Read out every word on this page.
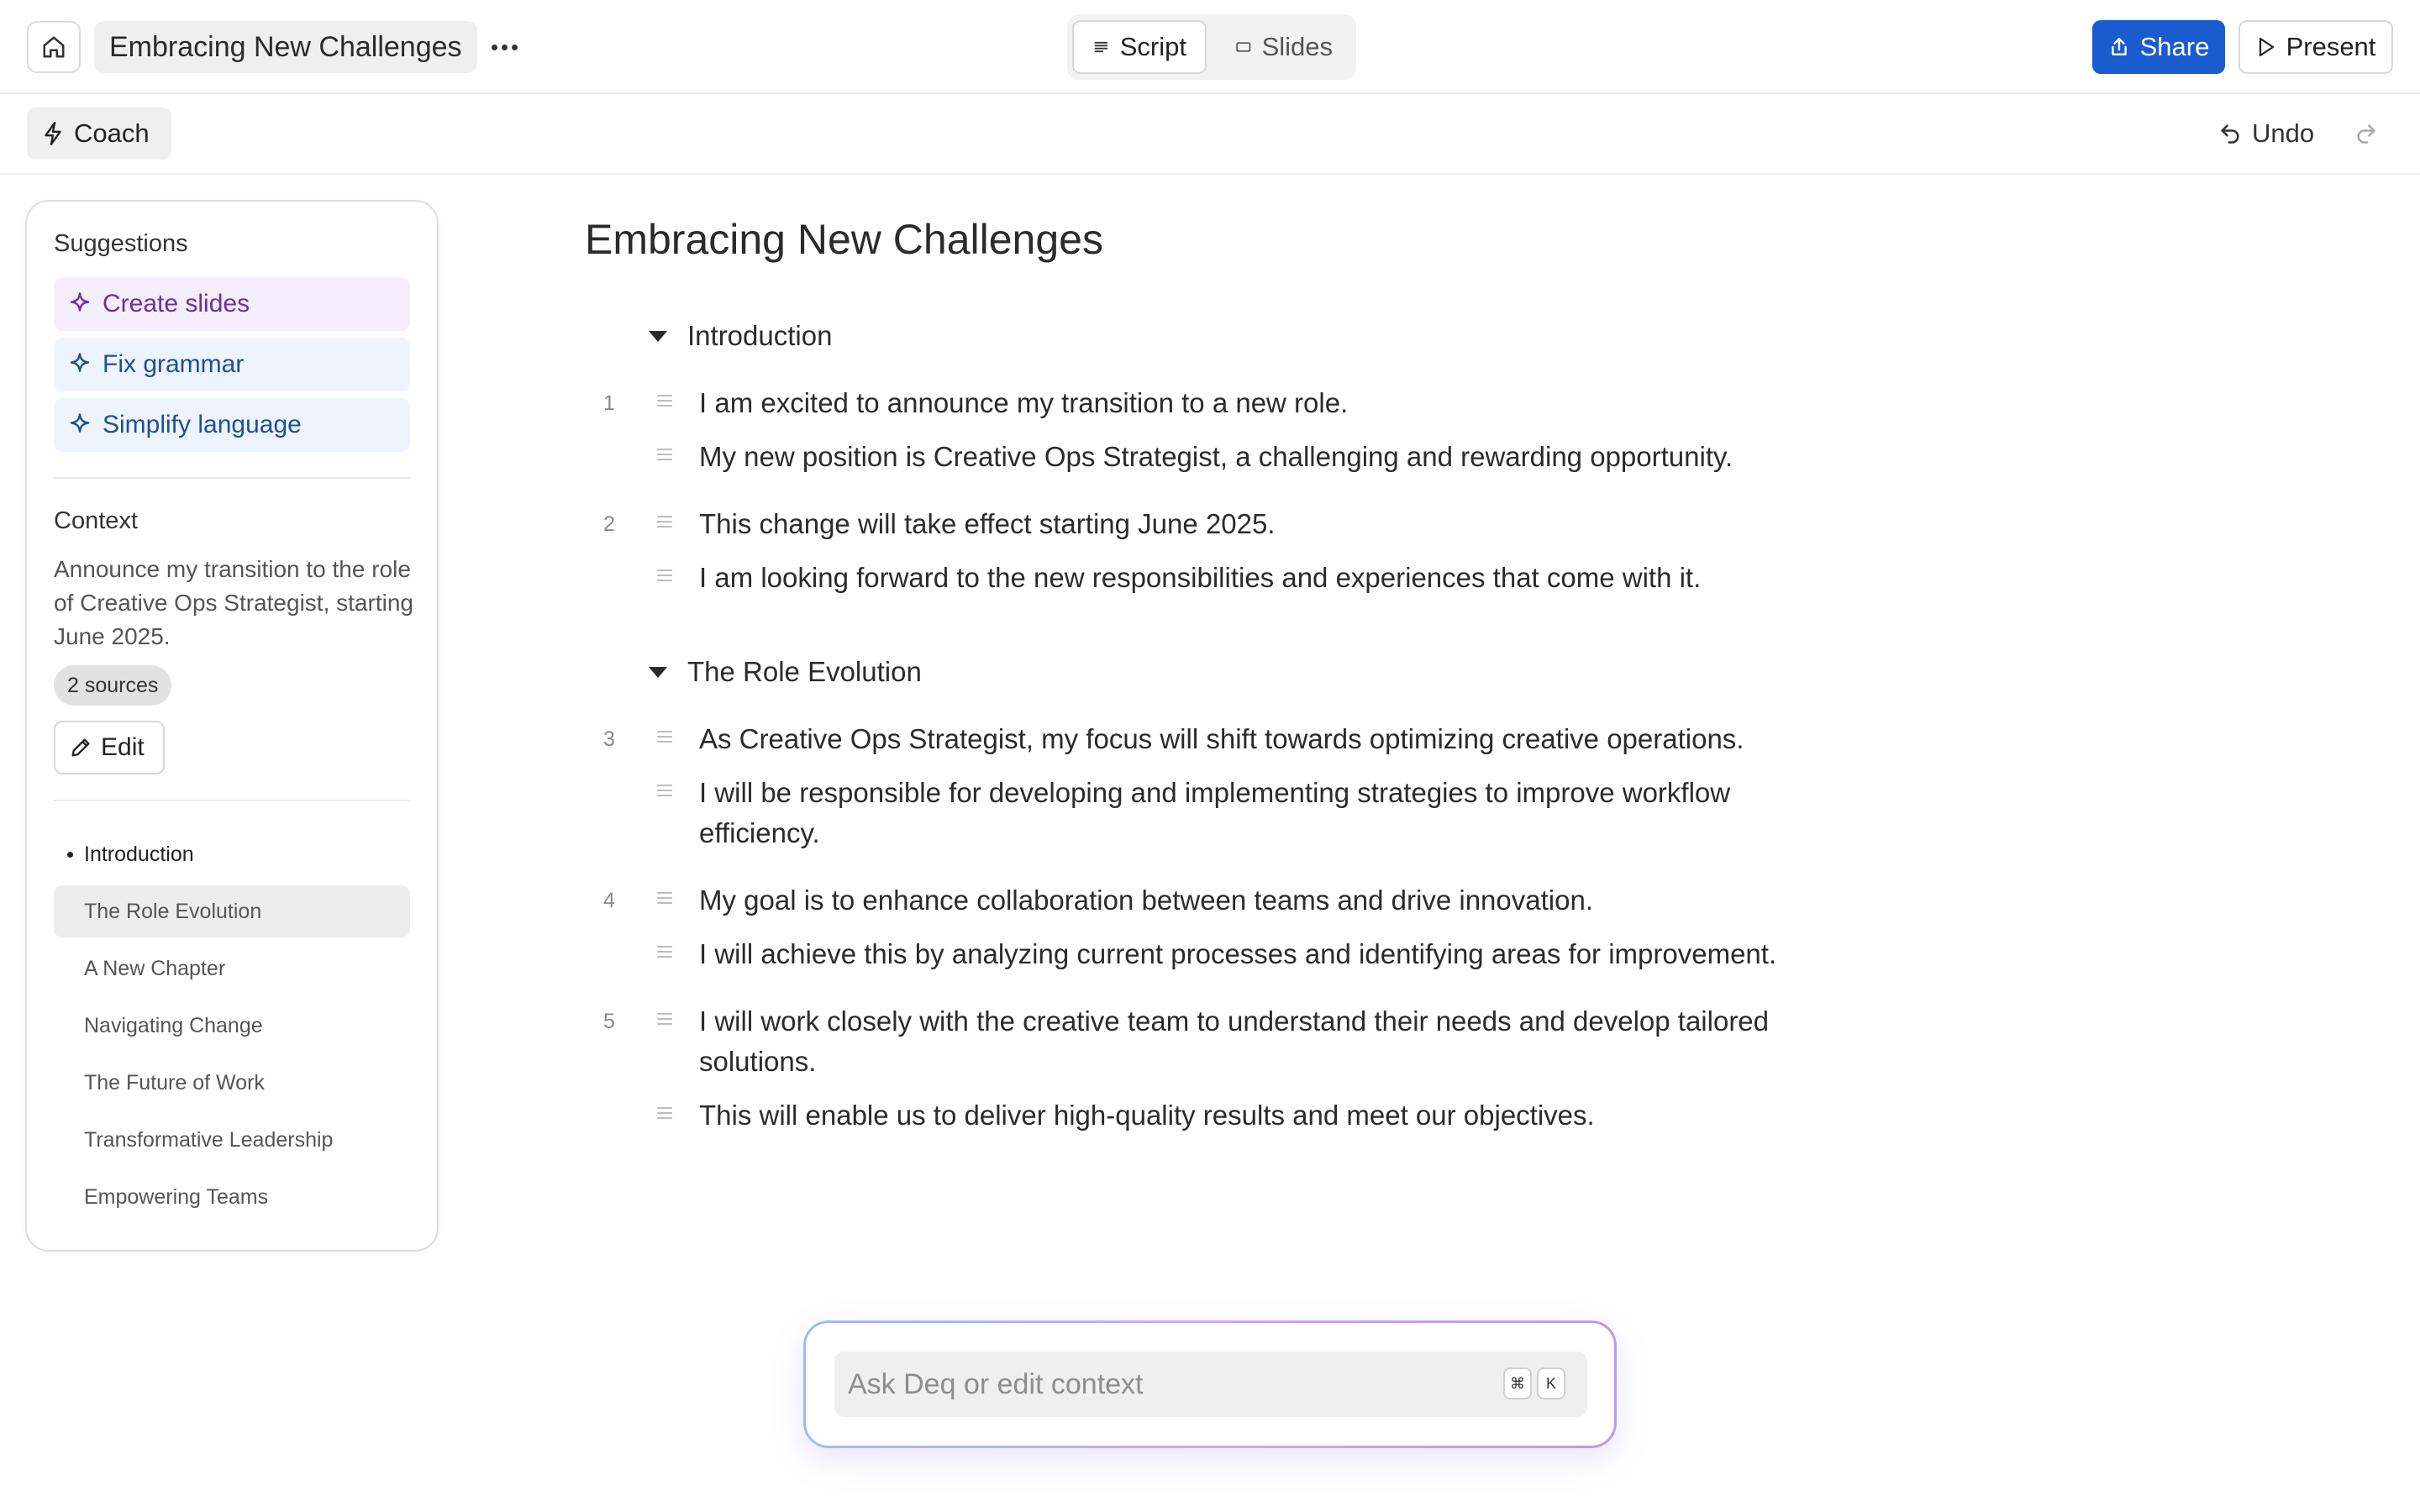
Embracing New Challenges	Script	Slides	Share	Present
Coach	Undo
Suggestions
Create slides
Fix grammar
Simplify language
Context
Announce my transition to the role of Creative Ops Strategist, starting June 2025.
2 sources
Edit
Introduction
The Role Evolution
A New Chapter
Navigating Change
The Future of Work
Transformative Leadership
Empowering Teams
Embracing New Challenges
Introduction
1	I am excited to announce my transition to a new role.
My new position is Creative Ops Strategist, a challenging and rewarding opportunity.
2	This change will take effect starting June 2025.
I am looking forward to the new responsibilities and experiences that come with it.
The Role Evolution
3	As Creative Ops Strategist, my focus will shift towards optimizing creative operations.
I will be responsible for developing and implementing strategies to improve workflow efficiency.
4	My goal is to enhance collaboration between teams and drive innovation.
I will achieve this by analyzing current processes and identifying areas for improvement.
5	I will work closely with the creative team to understand their needs and develop tailored solutions.
This will enable us to deliver high-quality results and meet our objectives.
Ask Deq or edit context	⌘	K
